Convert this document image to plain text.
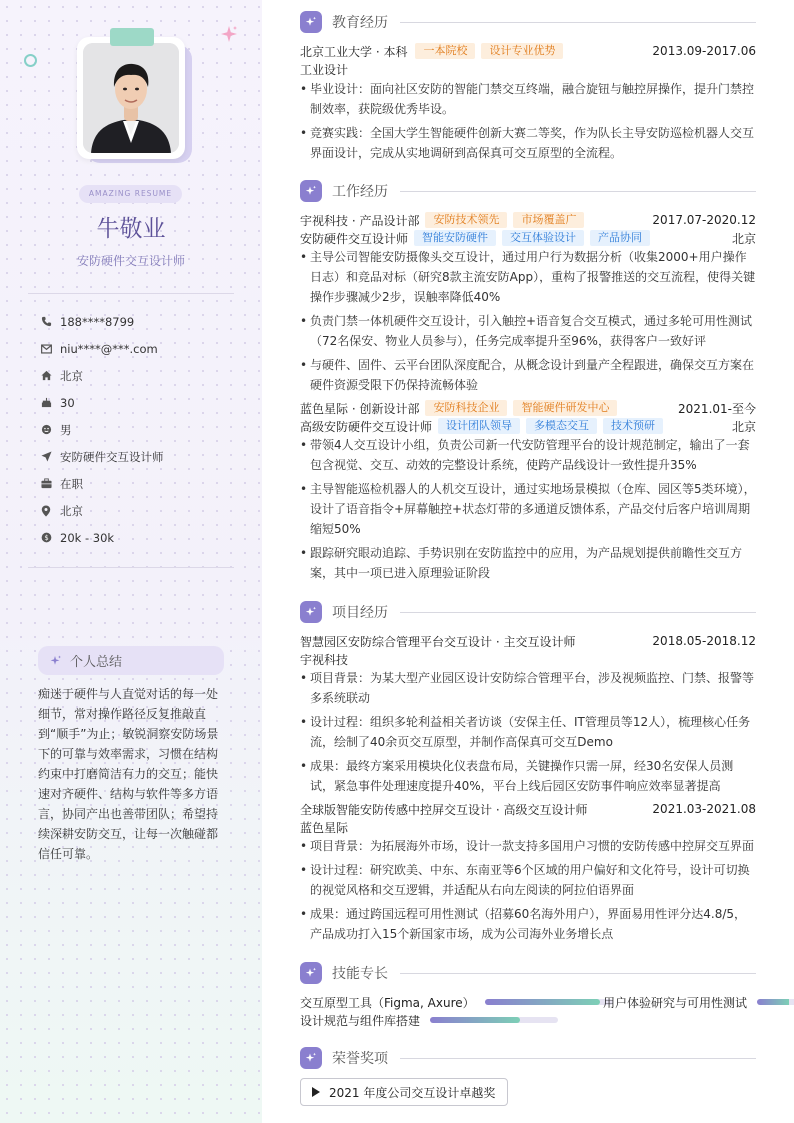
AMAZING RESUME
牛敬业
安防硬件交互设计师
188****8799
niu****@***.com
北京
30
男
安防硬件交互设计师
在职
北京
$ 20k - 30k
个人总结
痴迷于硬件与人直觉对话的每一处细节，常对操作路径反复推敲直到“顺手”为止；敏锐洞察安防场景下的可靠与效率需求，习惯在结构约束中打磨简洁有力的交互；能快速对齐硬件、结构与软件等多方语言，协同产出也善带团队；希望持续深耕安防交互，让每一次触碰都信任可靠。
教育经历
工作经历
项目经历
技能专长
荣誉奖项
北京工业大学 · 本科	一本院校	设计专业优势	2013.09-2017.06
工业设计
• 毕业设计：面向社区安防的智能门禁交互终端，融合旋钮与触控屏操作，提升门禁控制效率，获院级优秀毕设。
• 竞赛实践：全国大学生智能硬件创新大赛二等奖，作为队长主导安防巡检机器人交互界面设计，完成从实地调研到高保真可交互原型的全流程。
宇视科技 · 产品设计部	安防技术领先	市场覆盖广	2017.07-2020.12
安防硬件交互设计师	智能安防硬件	交互体验设计	产品协同	北京
• 主导公司智能安防摄像头交互设计，通过用户行为数据分析（收集2000+用户操作日志）和竞品对标（研究8款主流安防App），重构了报警推送的交互流程，使得关键操作步骤减少2步，误触率降低40%
• 负责门禁一体机硬件交互设计，引入触控+语音复合交互模式，通过多轮可用性测试（72名保安、物业人员参与），任务完成率提升至96%，获得客户一致好评
• 与硬件、固件、云平台团队深度配合，从概念设计到量产全程跟进，确保交互方案在硬件资源受限下仍保持流畅体验
蓝色星际 · 创新设计部	安防科技企业	智能硬件研发中心	2021.01-至今
高级安防硬件交互设计师	设计团队领导	多模态交互	技术预研	北京
• 带领4人交互设计小组，负责公司新一代安防管理平台的设计规范制定，输出了一套包含视觉、交互、动效的完整设计系统，使跨产品线设计一致性提升35%
• 主导智能巡检机器人的人机交互设计，通过实地场景模拟（仓库、园区等5类环境），设计了语音指令+屏幕触控+状态灯带的多通道反馈体系，产品交付后客户培训周期缩短50%
• 跟踪研究眼动追踪、手势识别在安防监控中的应用，为产品规划提供前瞻性交互方案，其中一项已进入原理验证阶段
智慧园区安防综合管理平台交互设计 · 主交互设计师	2018.05-2018.12
宇视科技
• 项目背景：为某大型产业园区设计安防综合管理平台，涉及视频监控、门禁、报警等多系统联动
• 设计过程：组织多轮利益相关者访谈（安保主任、IT管理员等12人），梳理核心任务流，绘制了40余页交互原型，并制作高保真可交互Demo
• 成果：最终方案采用模块化仪表盘布局，关键操作只需一屏，经30名安保人员测试，紧急事件处理速度提升40%，平台上线后园区安防事件响应效率显著提高
全球版智能安防传感中控屏交互设计 · 高级交互设计师	2021.03-2021.08
蓝色星际
• 项目背景：为拓展海外市场，设计一款支持多国用户习惯的安防传感中控屏交互界面
• 设计过程：研究欧美、中东、东南亚等6个区域的用户偏好和文化符号，设计可切换的视觉风格和交互逻辑，并适配从右向左阅读的阿拉伯语界面
• 成果：通过跨国远程可用性测试（招募60名海外用户），界面易用性评分达4.8/5，产品成功打入15个新国家市场，成为公司海外业务增长点
交互原型工具（Figma, Axure）	用户体验研究与可用性测试
设计规范与组件库搭建
2021 年度公司交互设计卓越奖
